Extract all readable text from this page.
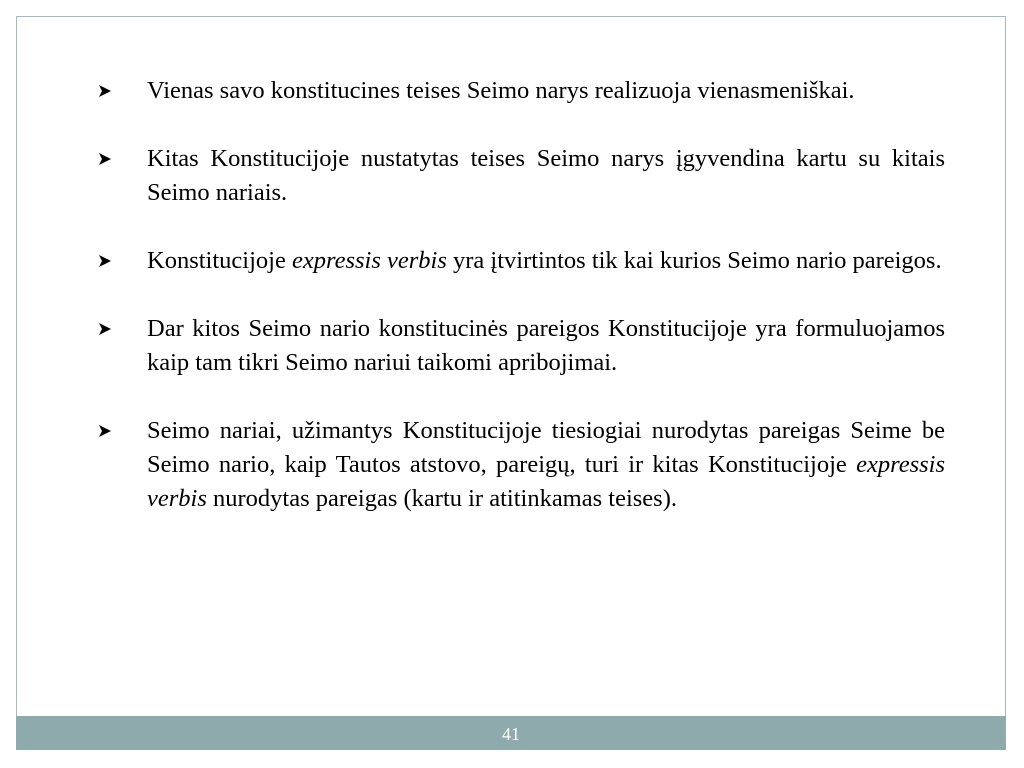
Vienas savo konstitucines teises Seimo narys realizuoja vienasmeniškai.

Kitas Konstitucijoje nustatytas teises Seimo narys įgyvendina kartu su kitais Seimo nariais.

Konstitucijoje expressis verbis yra įtvirtintos tik kai kurios Seimo nario pareigos.

Dar kitos Seimo nario konstitucinės pareigos Konstitucijoje yra formuluojamos kaip tam tikri Seimo nariui taikomi apribojimai.

Seimo nariai, užimantys Konstitucijoje tiesiogiai nurodytas pareigas Seime be Seimo nario, kaip Tautos atstovo, pareigų, turi ir kitas Konstitucijoje expressis verbis nurodytas pareigas (kartu ir atitinkamas teises).

41
